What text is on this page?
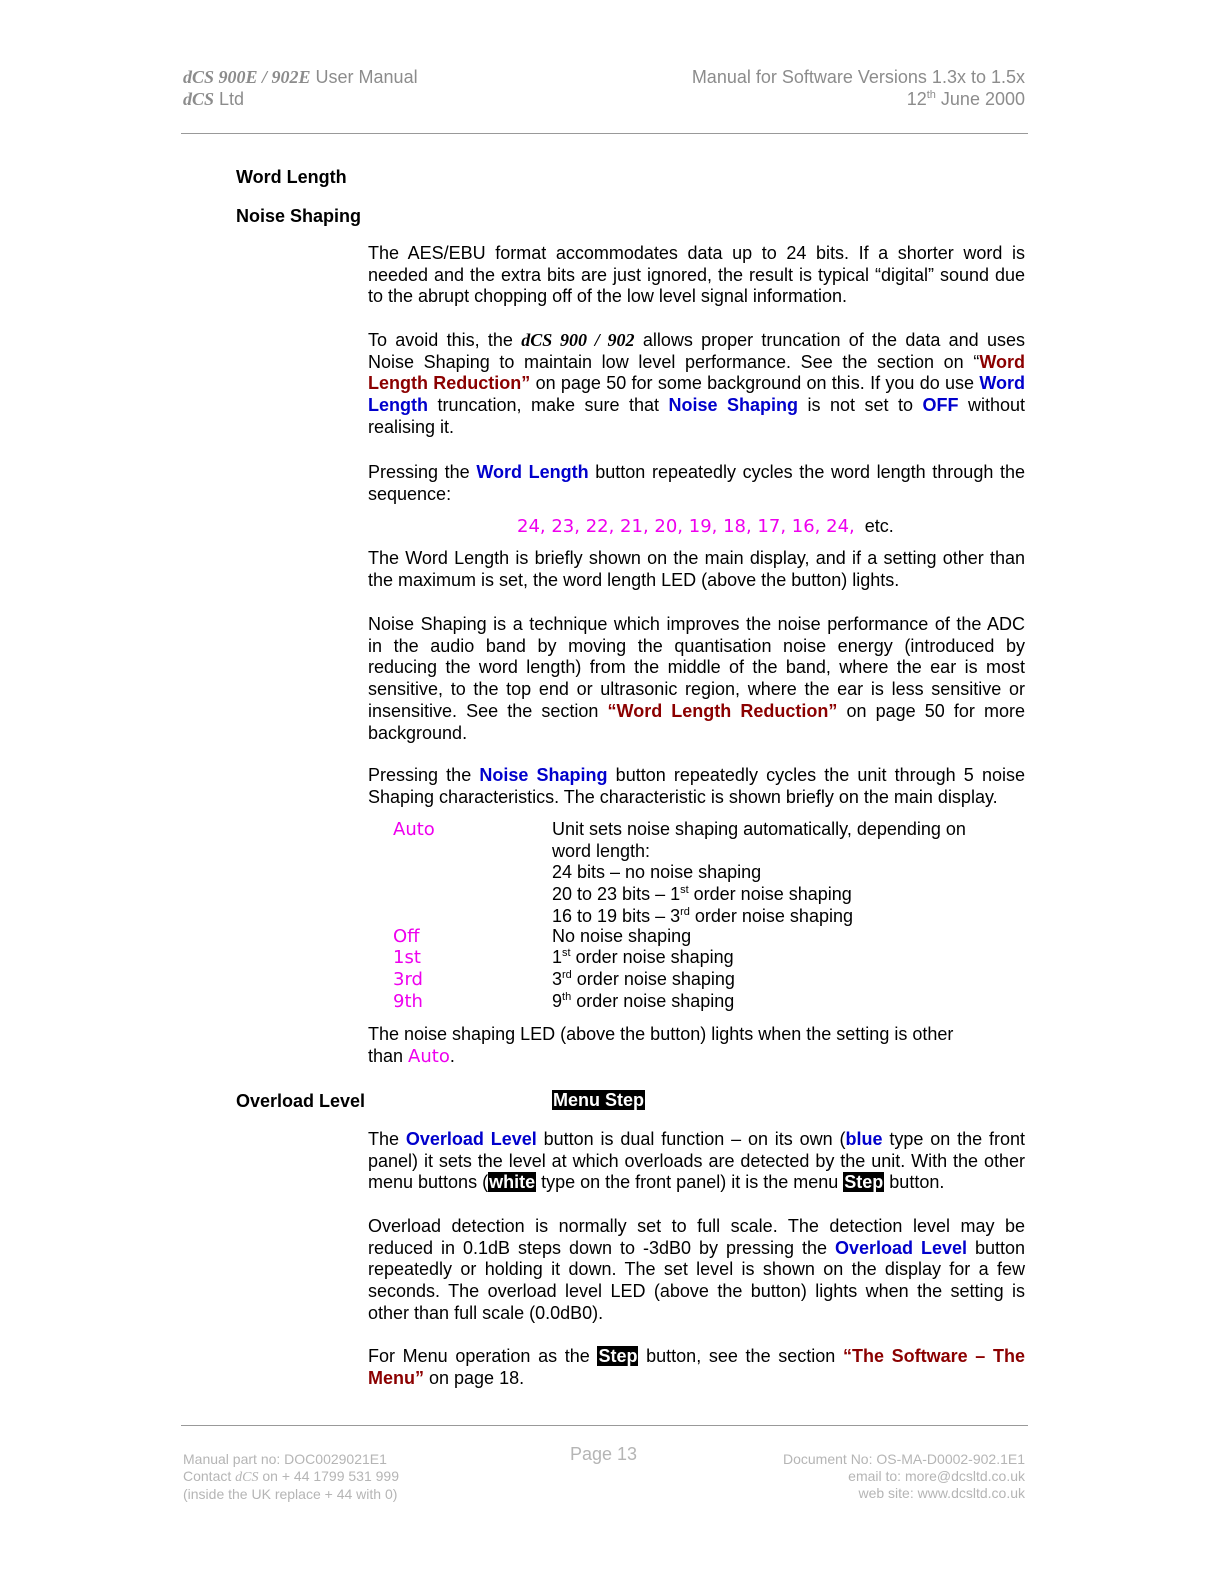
dCS 900E / 902E User Manual
dCS Ltd
Manual for Software Versions 1.3x to 1.5x
12th June 2000
Word Length
Noise Shaping
The AES/EBU format accommodates data up to 24 bits. If a shorter word is needed and the extra bits are just ignored, the result is typical “digital” sound due to the abrupt chopping off of the low level signal information.
To avoid this, the dCS 900 / 902 allows proper truncation of the data and uses Noise Shaping to maintain low level performance. See the section on “Word Length Reduction” on page 50 for some background on this. If you do use Word Length truncation, make sure that Noise Shaping is not set to OFF without realising it.
Pressing the Word Length button repeatedly cycles the word length through the sequence:
24, 23, 22, 21, 20, 19, 18, 17, 16, 24, etc.
The Word Length is briefly shown on the main display, and if a setting other than the maximum is set, the word length LED (above the button) lights.
Noise Shaping is a technique which improves the noise performance of the ADC in the audio band by moving the quantisation noise energy (introduced by reducing the word length) from the middle of the band, where the ear is most sensitive, to the top end or ultrasonic region, where the ear is less sensitive or insensitive. See the section “Word Length Reduction” on page 50 for more background.
Pressing the Noise Shaping button repeatedly cycles the unit through 5 noise Shaping characteristics. The characteristic is shown briefly on the main display.
Auto	Unit sets noise shaping automatically, depending on word length:
24 bits – no noise shaping
20 to 23 bits – 1st order noise shaping
16 to 19 bits – 3rd order noise shaping
Off	No noise shaping
1st	1st order noise shaping
3rd	3rd order noise shaping
9th	9th order noise shaping
The noise shaping LED (above the button) lights when the setting is other than Auto.
Overload Level	Menu Step
The Overload Level button is dual function – on its own (blue type on the front panel) it sets the level at which overloads are detected by the unit. With the other menu buttons (white type on the front panel) it is the menu Step button.
Overload detection is normally set to full scale. The detection level may be reduced in 0.1dB steps down to -3dB0 by pressing the Overload Level button repeatedly or holding it down. The set level is shown on the display for a few seconds. The overload level LED (above the button) lights when the setting is other than full scale (0.0dB0).
For Menu operation as the Step button, see the section “The Software – The Menu” on page 18.
Manual part no: DOC0029021E1
Contact dCS on + 44 1799 531 999
(inside the UK replace + 44 with 0)
Page 13	Document No: OS-MA-D0002-902.1E1
email to: more@dcsltd.co.uk
web site: www.dcsltd.co.uk
